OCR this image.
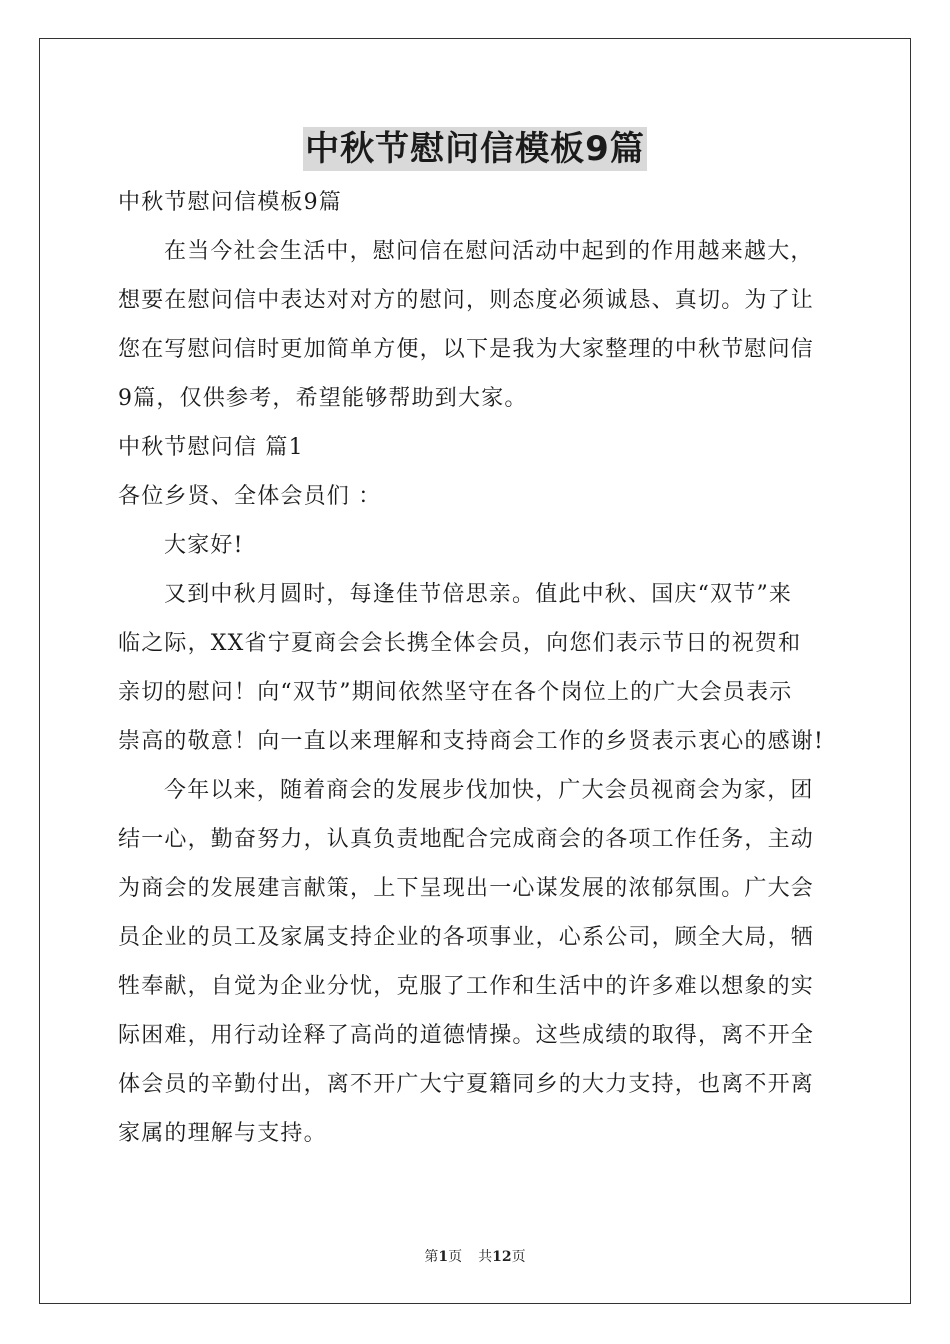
中秋节慰问信模板9篇
中秋节慰问信模板9篇
在当今社会生活中，慰问信在慰问活动中起到的作用越来越大，
想要在慰问信中表达对对方的慰问，则态度必须诚恳、真切。为了让
您在写慰问信时更加简单方便，以下是我为大家整理的中秋节慰问信
9篇，仅供参考，希望能够帮助到大家。
中秋节慰问信 篇1
各位乡贤、全体会员们 ：
大家好!
又到中秋月圆时，每逢佳节倍思亲。值此中秋、国庆“双节”来
临之际，XX省宁夏商会会长携全体会员，向您们表示节日的祝贺和
亲切的慰问！向“双节”期间依然坚守在各个岗位上的广大会员表示
崇高的敬意！向一直以来理解和支持商会工作的乡贤表示衷心的感谢!
今年以来，随着商会的发展步伐加快，广大会员视商会为家，团
结一心，勤奋努力，认真负责地配合完成商会的各项工作任务，主动
为商会的发展建言献策，上下呈现出一心谋发展的浓郁氛围。广大会
员企业的员工及家属支持企业的各项事业，心系公司，顾全大局，牺
牲奉献，自觉为企业分忧，克服了工作和生活中的许多难以想象的实
际困难，用行动诠释了高尚的道德情操。这些成绩的取得，离不开全
体会员的辛勤付出，离不开广大宁夏籍同乡的大力支持，也离不开离
家属的理解与支持。
第1页 共12页
